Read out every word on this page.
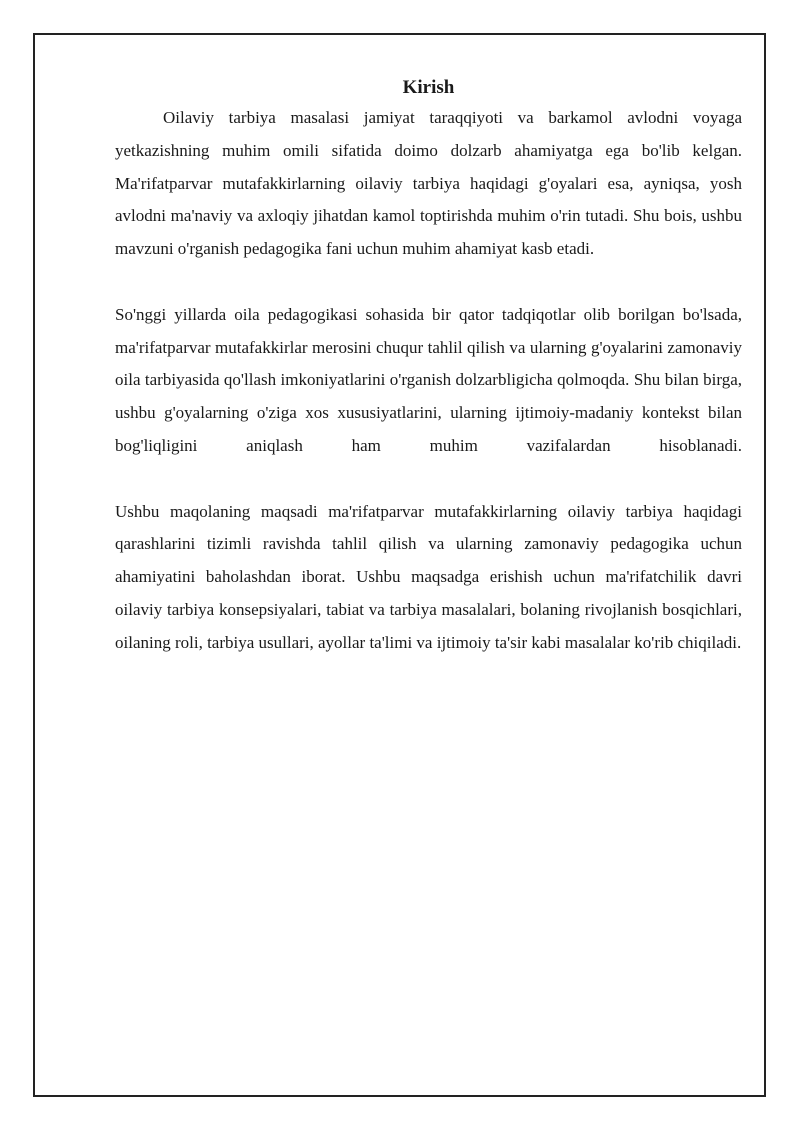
Kirish

Oilaviy tarbiya masalasi jamiyat taraqqiyoti va barkamol avlodni voyaga yetkazishning muhim omili sifatida doimo dolzarb ahamiyatga ega bo'lib kelgan. Ma'rifatparvar mutafakkirlarning oilaviy tarbiya haqidagi g'oyalari esa, ayniqsa, yosh avlodni ma'naviy va axloqiy jihatdan kamol toptirishda muhim o'rin tutadi. Shu bois, ushbu mavzuni o'rganish pedagogika fani uchun muhim ahamiyat kasb etadi.

So'nggi yillarda oila pedagogikasi sohasida bir qator tadqiqotlar olib borilgan bo'lsada, ma'rifatparvar mutafakkirlar merosini chuqur tahlil qilish va ularning g'oyalarini zamonaviy oila tarbiyasida qo'llash imkoniyatlarini o'rganish dolzarbligicha qolmoqda. Shu bilan birga, ushbu g'oyalarning o'ziga xos xususiyatlarini, ularning ijtimoiy-madaniy kontekst bilan bog'liqligini aniqlash ham muhim vazifalardan hisoblanadi.

Ushbu maqolaning maqsadi ma'rifatparvar mutafakkirlarning oilaviy tarbiya haqidagi qarashlarini tizimli ravishda tahlil qilish va ularning zamonaviy pedagogika uchun ahamiyatini baholashdan iborat. Ushbu maqsadga erishish uchun ma'rifatchilik davri oilaviy tarbiya konsepsiyalari, tabiat va tarbiya masalalari, bolaning rivojlanish bosqichlari, oilaning roli, tarbiya usullari, ayollar ta'limi va ijtimoiy ta'sir kabi masalalar ko'rib chiqiladi.
